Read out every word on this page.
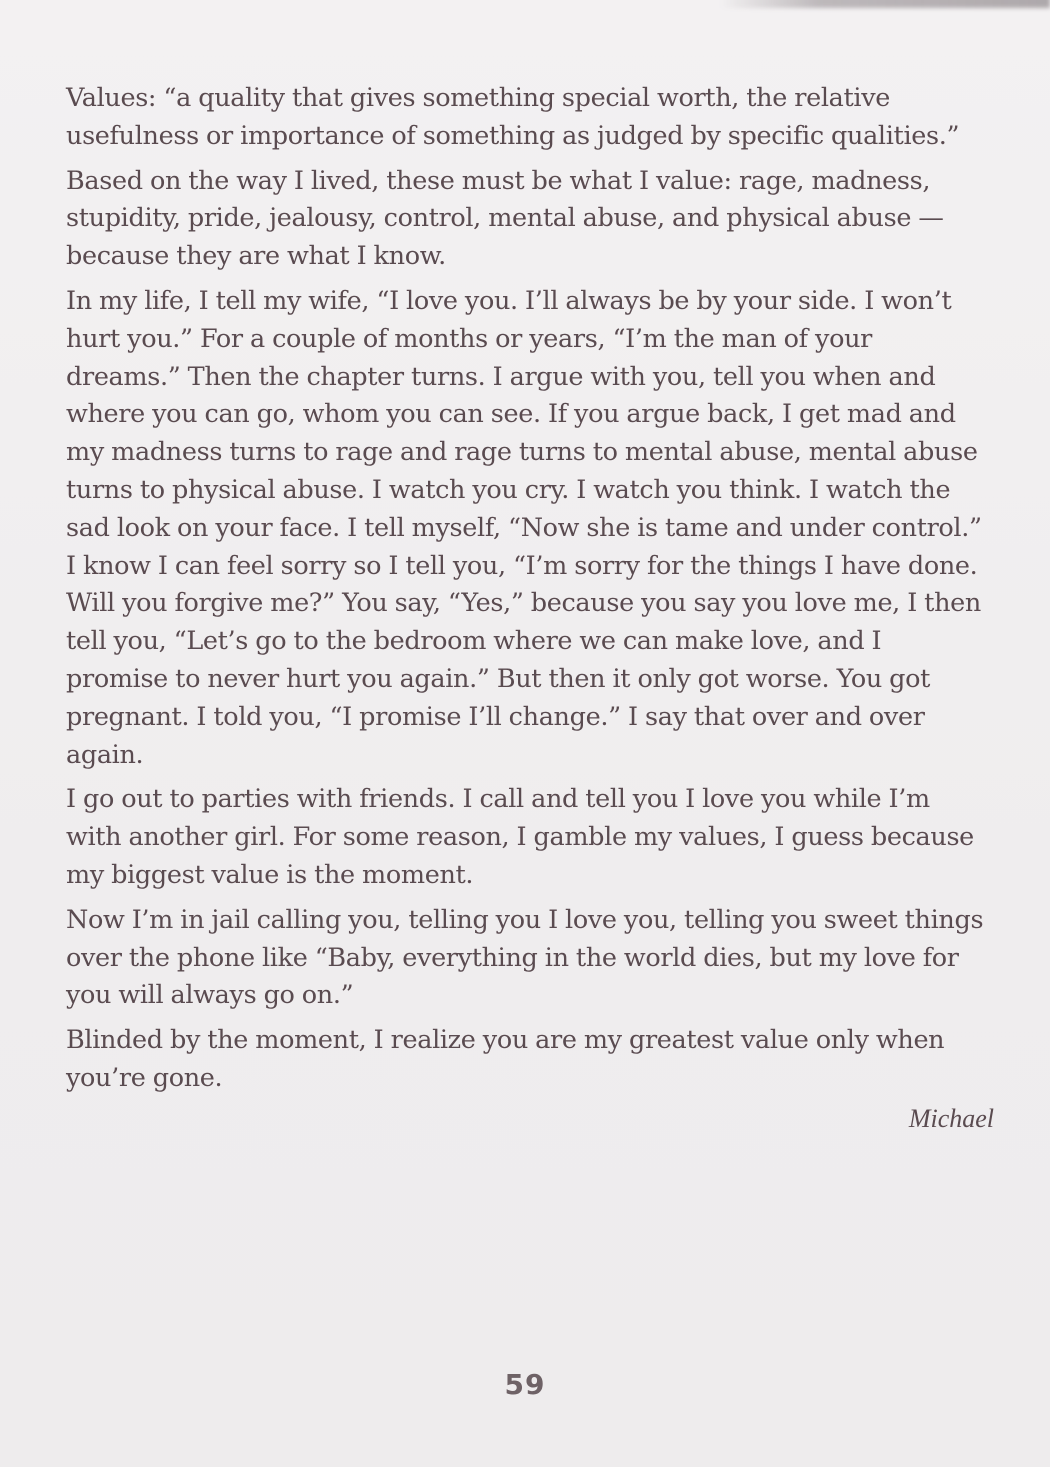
Values: “a quality that gives something special worth, the relative usefulness or importance of something as judged by specific qualities.”

Based on the way I lived, these must be what I value: rage, madness, stupidity, pride, jealousy, control, mental abuse, and physical abuse —because they are what I know.

In my life, I tell my wife, “I love you. I’ll always be by your side. I won’t hurt you.” For a couple of months or years, “I’m the man of your dreams.” Then the chapter turns. I argue with you, tell you when and where you can go, whom you can see. If you argue back, I get mad and my madness turns to rage and rage turns to mental abuse, mental abuse turns to physical abuse. I watch you cry. I watch you think. I watch the sad look on your face. I tell myself, “Now she is tame and under control.” I know I can feel sorry so I tell you, “I’m sorry for the things I have done. Will you forgive me?” You say, “Yes,” because you say you love me, I then tell you, “Let’s go to the bedroom where we can make love, and I promise to never hurt you again.” But then it only got worse. You got pregnant. I told you, “I promise I’ll change.” I say that over and over again.

I go out to parties with friends. I call and tell you I love you while I’m with another girl. For some reason, I gamble my values, I guess because my biggest value is the moment.

Now I’m in jail calling you, telling you I love you, telling you sweet things over the phone like “Baby, everything in the world dies, but my love for you will always go on.”

Blinded by the moment, I realize you are my greatest value only when you’re gone.

Michael
59
